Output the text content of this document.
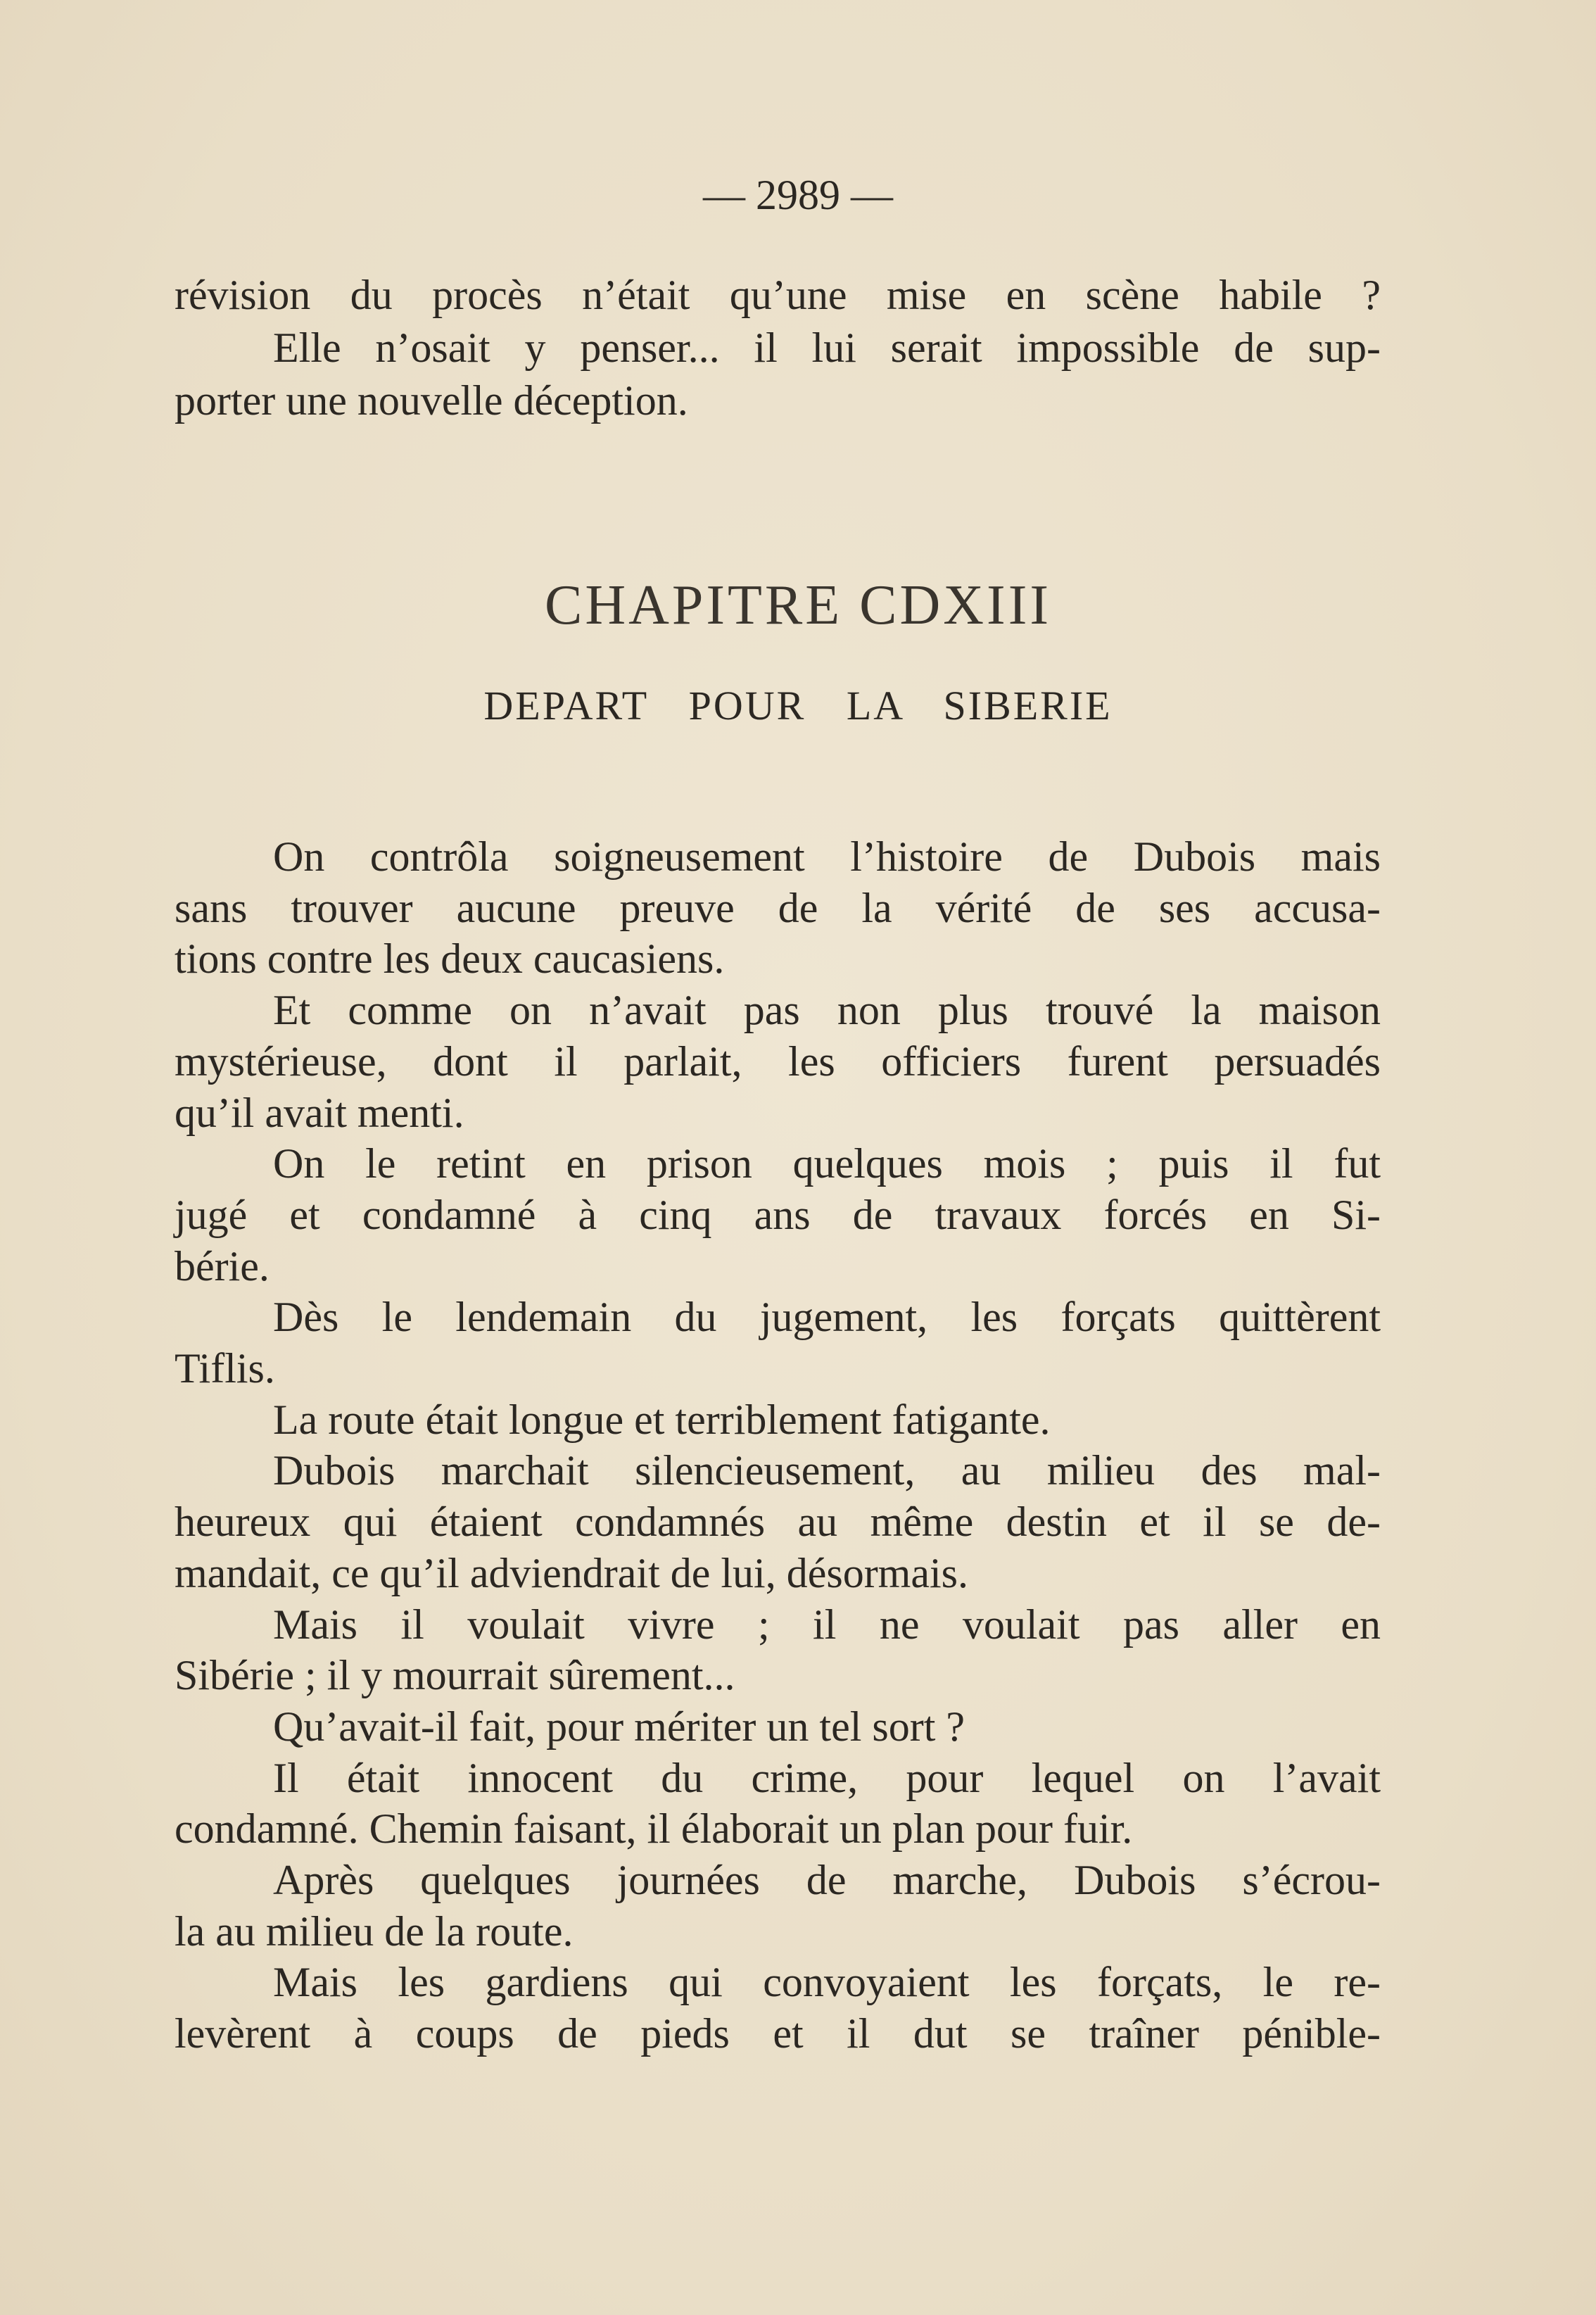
— 2989 —
révision du procès n’était qu’une mise en scène habile ?
Elle n’osait y penser... il lui serait impossible de sup-
porter une nouvelle déception.
CHAPITRE CDXIII
DEPART POUR LA SIBERIE
On contrôla soigneusement l’histoire de Dubois mais
sans trouver aucune preuve de la vérité de ses accusa-
tions contre les deux caucasiens.
Et comme on n’avait pas non plus trouvé la maison
mystérieuse, dont il parlait, les officiers furent persuadés
qu’il avait menti.
On le retint en prison quelques mois ; puis il fut
jugé et condamné à cinq ans de travaux forcés en Si-
bérie.
Dès le lendemain du jugement, les forçats quittèrent
Tiflis.
La route était longue et terriblement fatigante.
Dubois marchait silencieusement, au milieu des mal-
heureux qui étaient condamnés au même destin et il se de-
mandait, ce qu’il adviendrait de lui, désormais.
Mais il voulait vivre ; il ne voulait pas aller en
Sibérie ; il y mourrait sûrement...
Qu’avait-il fait, pour mériter un tel sort ?
Il était innocent du crime, pour lequel on l’avait
condamné. Chemin faisant, il élaborait un plan pour fuir.
Après quelques journées de marche, Dubois s’écrou-
la au milieu de la route.
Mais les gardiens qui convoyaient les forçats, le re-
levèrent à coups de pieds et il dut se traîner pénible-
